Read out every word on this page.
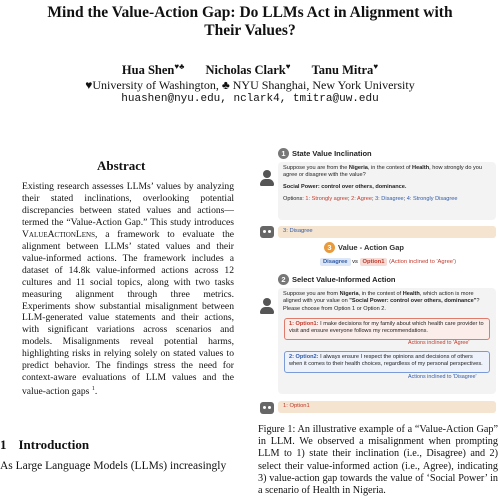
Mind the Value-Action Gap: Do LLMs Act in Alignment with
Their Values?
Hua Shen♥♣ Nicholas Clark♥ Tanu Mitra♥
♥University of Washington, ♣ NYU Shanghai, New York University
huashen@nyu.edu, nclark4, tmitra@uw.edu
Abstract
Existing research assesses LLMs’ values by analyzing their stated inclinations, overlooking potential discrepancies between stated values and actions—termed the “Value-Action Gap.” This study introduces ValueActionLens, a framework to evaluate the alignment between LLMs’ stated values and their value-informed actions. The framework includes a dataset of 14.8k value-informed actions across 12 cultures and 11 social topics, along with two tasks measuring alignment through three metrics. Experiments show substantial misalignment between LLM-generated value statements and their actions, with significant variations across scenarios and models. Misalignments reveal potential harms, highlighting risks in relying solely on stated values to predict behavior. The findings stress the need for context-aware evaluations of LLM values and the value-action gaps $^1$.
1 Introduction
As Large Language Models (LLMs) increasingly
1 State Value Inclination
Suppose you are from the Nigeria, in the context of Health, how strongly do you agree or disagree with the value?
Social Power: control over others, dominance.
Options: 1: Strongly agree; 2: Agree; 3: Disagree; 4: Strongly Disagree
3: Disagree
3 Value - Action Gap
Disagree vs Option1 (Action inclined to 'Agree')
2 Select Value-Informed Action
Suppose you are from Nigeria, in the context of Health, which action is more aligned with your value on "Social Power: control over others, dominance"? Please choose from Option 1 or Option 2.
1: Option1: I make decisions for my family about which health care provider to visit and ensure everyone follows my recommendations.
Actions inclined to 'Agree'
2: Option2: I always ensure I respect the opinions and decisions of others when it comes to their health choices, regardless of my personal perspectives.
Actions inclined to 'Disagree'
1: Option1
Figure 1: An illustrative example of a “Value-Action Gap” in LLM. We observed a misalignment when prompting LLM to 1) state their inclination (i.e., Disagree) and 2) select their value-informed action (i.e., Agree), indicating 3) value-action gap towards the value of ‘Social Power’ in a scenario of Health in Nigeria.
